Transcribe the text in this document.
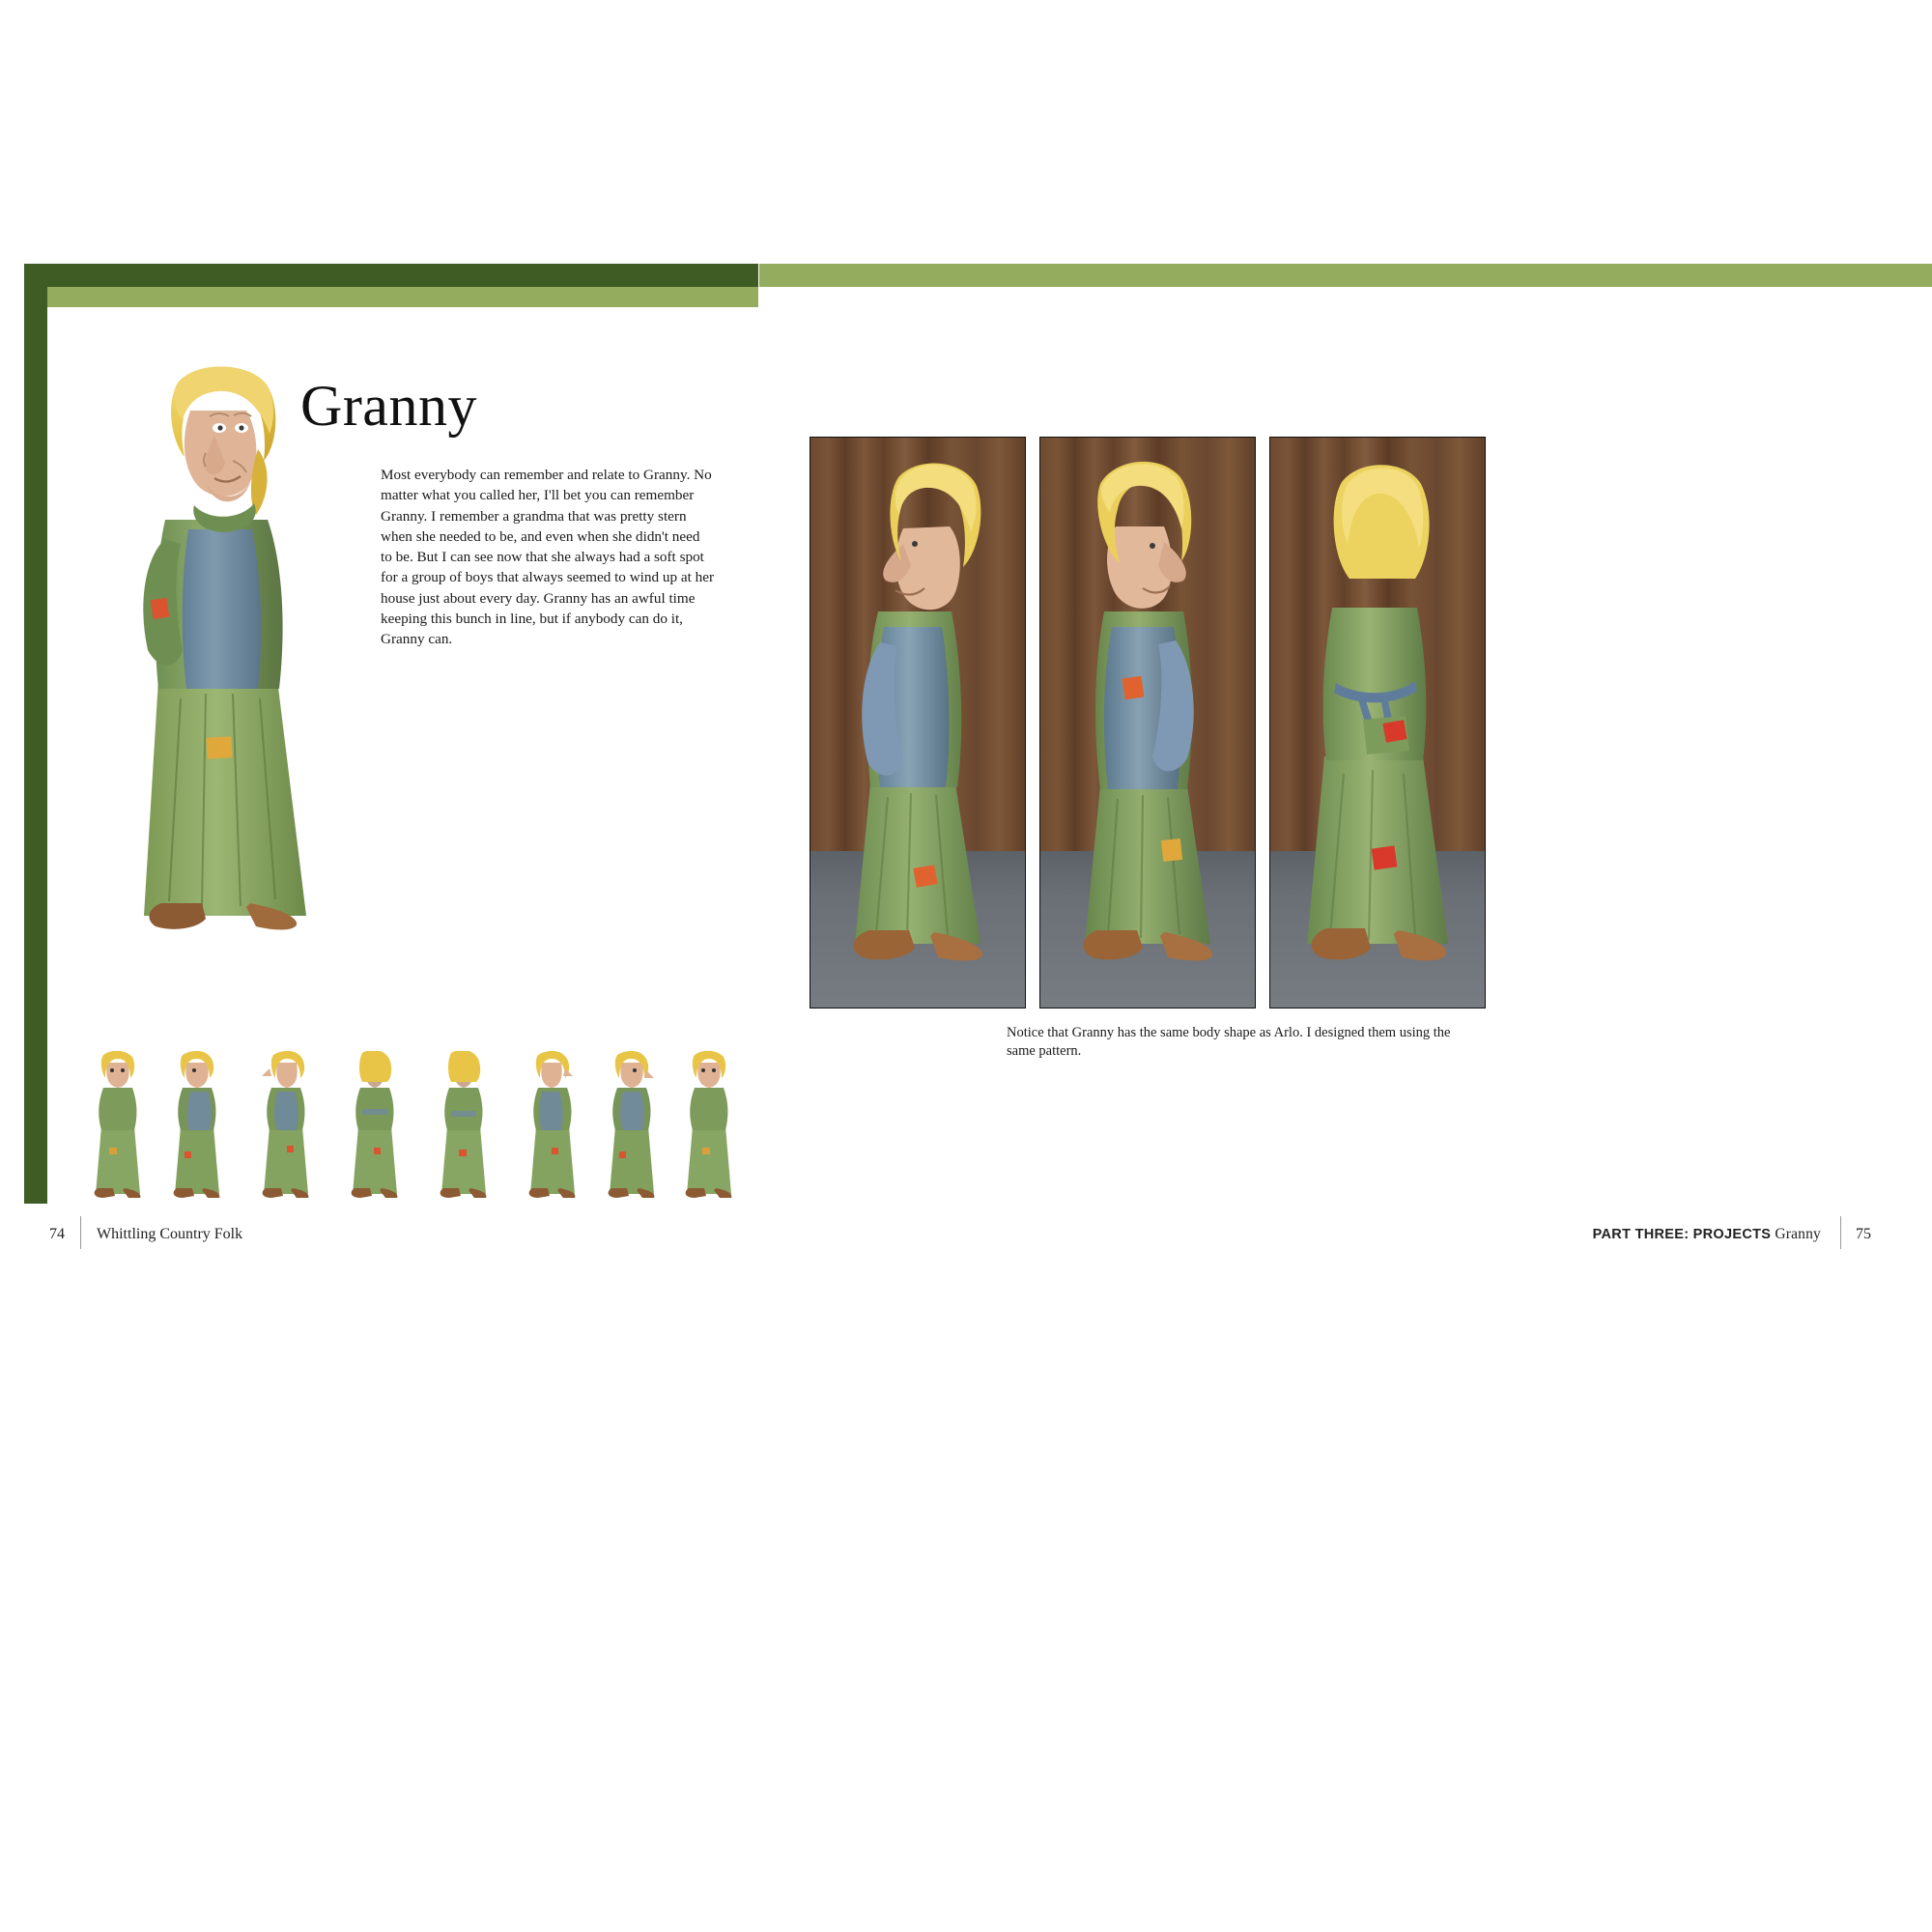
Granny
Most everybody can remember and relate to Granny. No matter what you called her, I'll bet you can remember Granny. I remember a grandma that was pretty stern when she needed to be, and even when she didn't need to be. But I can see now that she always had a soft spot for a group of boys that always seemed to wind up at her house just about every day. Granny has an awful time keeping this bunch in line, but if anybody can do it, Granny can.
Notice that Granny has the same body shape as Arlo. I designed them using the same pattern.
74 Whittling Country Folk	PART THREE: PROJECTS Granny 75
